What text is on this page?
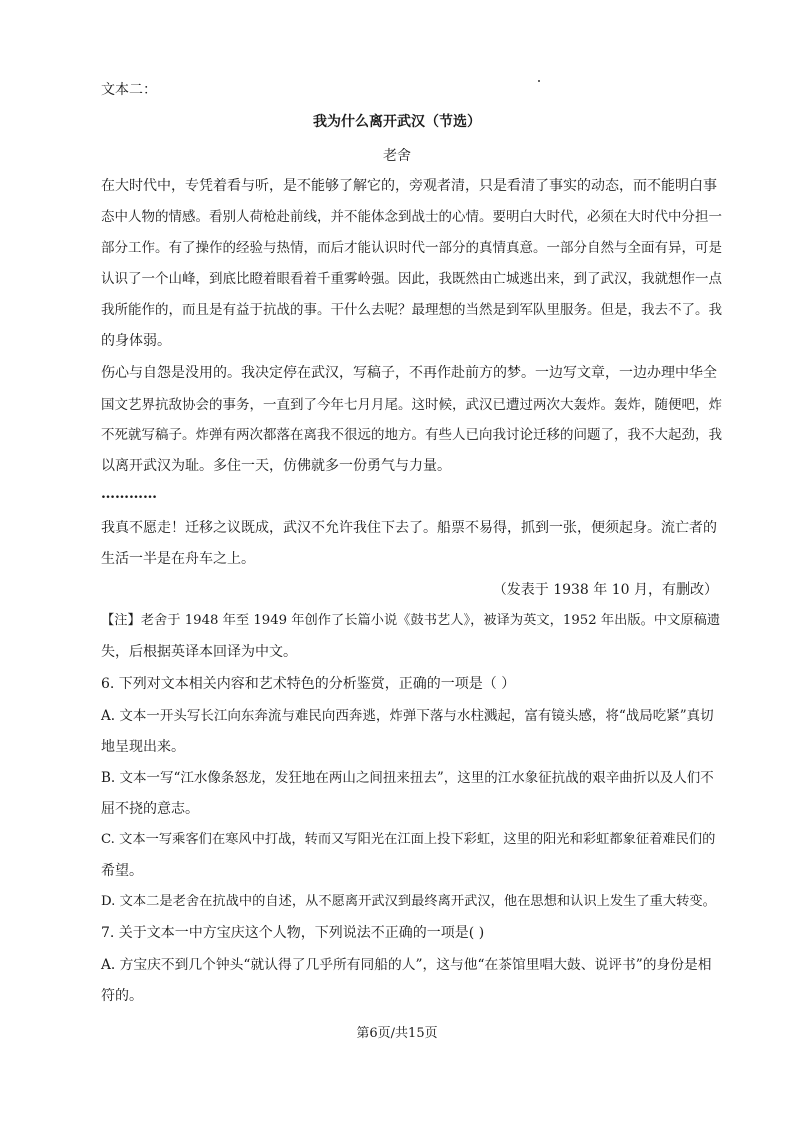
文本二：
我为什么离开武汉（节选）
老舍
在大时代中，专凭着看与听，是不能够了解它的，旁观者清，只是看清了事实的动态，而不能明白事
态中人物的情感。看别人荷枪赴前线，并不能体念到战士的心情。要明白大时代，必须在大时代中分担一
部分工作。有了操作的经验与热情，而后才能认识时代一部分的真情真意。一部分自然与全面有异，可是
认识了一个山峰，到底比瞪着眼看着千重雾岭强。因此，我既然由亡城逃出来，到了武汉，我就想作一点
我所能作的，而且是有益于抗战的事。干什么去呢？最理想的当然是到军队里服务。但是，我去不了。我
的身体弱。
伤心与自怨是没用的。我决定停在武汉，写稿子，不再作赴前方的梦。一边写文章，一边办理中华全
国文艺界抗敌协会的事务，一直到了今年七月月尾。这时候，武汉已遭过两次大轰炸。轰炸，随便吧，炸
不死就写稿子。炸弹有两次都落在离我不很远的地方。有些人已向我讨论迁移的问题了，我不大起劲，我
以离开武汉为耻。多住一天，仿佛就多一份勇气与力量。
…………
我真不愿走！迁移之议既成，武汉不允许我住下去了。船票不易得，抓到一张，便须起身。流亡者的
生活一半是在舟车之上。
（发表于 1938 年 10 月，有删改）
【注】老舍于 1948 年至 1949 年创作了长篇小说《鼓书艺人》，被译为英文，1952 年出版。中文原稿遗
失，后根据英译本回译为中文。
6. 下列对文本相关内容和艺术特色的分析鉴赏，正确的一项是（ ）
A. 文本一开头写长江向东奔流与难民向西奔逃，炸弹下落与水柱溅起，富有镜头感，将“战局吃紧”真切
地呈现出来。
B. 文本一写“江水像条怒龙，发狂地在两山之间扭来扭去”，这里的江水象征抗战的艰辛曲折以及人们不
屈不挠的意志。
C. 文本一写乘客们在寒风中打战，转而又写阳光在江面上投下彩虹，这里的阳光和彩虹都象征着难民们的
希望。
D. 文本二是老舍在抗战中的自述，从不愿离开武汉到最终离开武汉，他在思想和认识上发生了重大转变。
7. 关于文本一中方宝庆这个人物，下列说法不正确的一项是( )
A. 方宝庆不到几个钟头“就认得了几乎所有同船的人”，这与他“在茶馆里唱大鼓、说评书”的身份是相
符的。
第6页/共15页
